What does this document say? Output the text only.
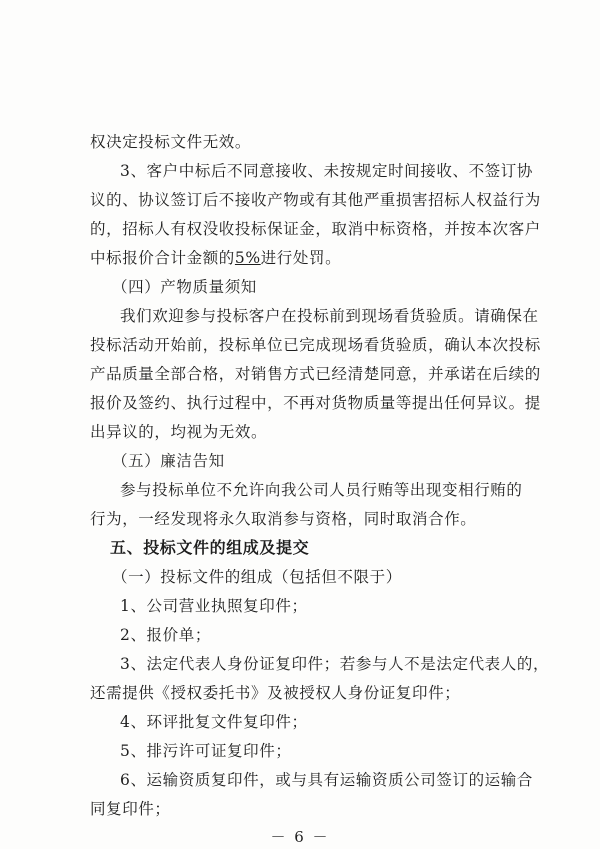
权决定投标文件无效。
3、客户中标后不同意接收、未按规定时间接收、不签订协
议的、协议签订后不接收产物或有其他严重损害招标人权益行为
的，招标人有权没收投标保证金，取消中标资格，并按本次客户
中标报价合计金额的5%进行处罚。
（四）产物质量须知
我们欢迎参与投标客户在投标前到现场看货验质。请确保在
投标活动开始前，投标单位已完成现场看货验质，确认本次投标
产品质量全部合格，对销售方式已经清楚同意，并承诺在后续的
报价及签约、执行过程中，不再对货物质量等提出任何异议。提
出异议的，均视为无效。
（五）廉洁告知
参与投标单位不允许向我公司人员行贿等出现变相行贿的
行为，一经发现将永久取消参与资格，同时取消合作。
五、投标文件的组成及提交
（一）投标文件的组成（包括但不限于）
1、公司营业执照复印件；
2、报价单；
3、法定代表人身份证复印件；若参与人不是法定代表人的，
还需提供《授权委托书》及被授权人身份证复印件；
4、环评批复文件复印件；
5、排污许可证复印件；
6、运输资质复印件，或与具有运输资质公司签订的运输合
同复印件；
－ 6 －
